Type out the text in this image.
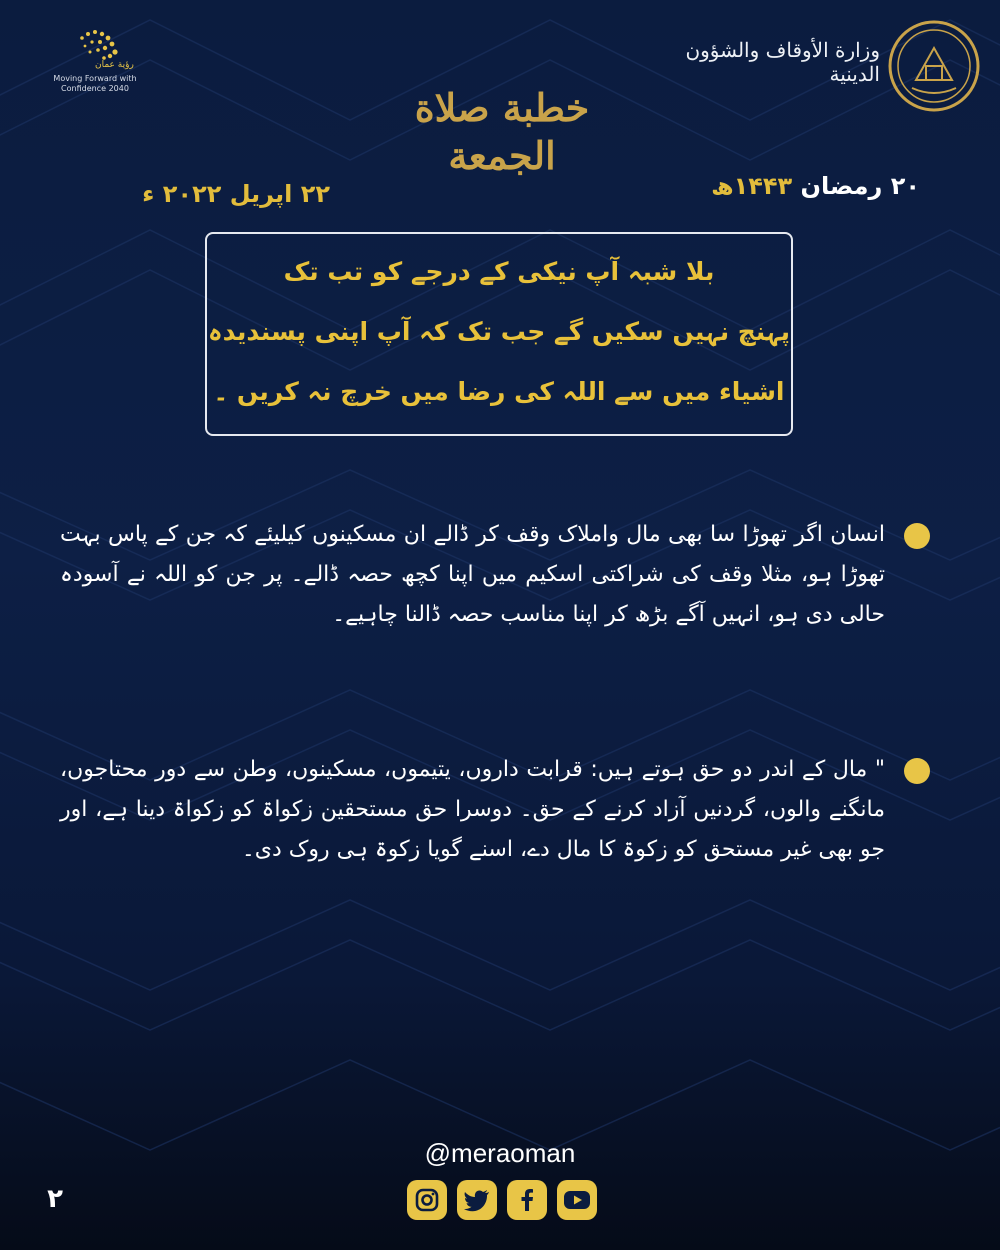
رؤية عمان
Moving Forward with Confidence 2040
وزارة الأوقاف والشؤون الدينية
خطبة صلاة الجمعة
۲۰ رمضان ۱۴۴۳ھ
۲۲ اپریل ۲۰۲۲ ء
بلا شبہ آپ نیکی کے درجے کو تب تک
پہنچ نہیں سکیں گے جب تک کہ آپ اپنی پسندیدہ
اشیاء میں سے اللہ کی رضا میں خرچ نہ کریں ۔
انسان اگر تھوڑا سا بھی مال واملاک وقف کر ڈالے ان مسکینوں کیلیئے کہ جن کے پاس بہت تھوڑا ہو، مثلا وقف کی شراکتی اسکیم میں اپنا کچھ حصہ ڈالے۔ پر جن کو اللہ نے آسودہ حالی دی ہو، انہیں آگے بڑھ کر اپنا مناسب حصہ ڈالنا چاہیے۔
" مال کے اندر دو حق ہوتے ہیں: قرابت داروں، یتیموں، مسکینوں، وطن سے دور محتاجوں، مانگنے والوں، گردنیں آزاد کرنے کے حق۔ دوسرا حق مستحقین زکواۃ کو زکواۃ دینا ہے، اور جو بھی غیر مستحق کو زکوۃ کا مال دے، اسنے گویا زکوۃ ہی روک دی۔
@meraoman
۲
